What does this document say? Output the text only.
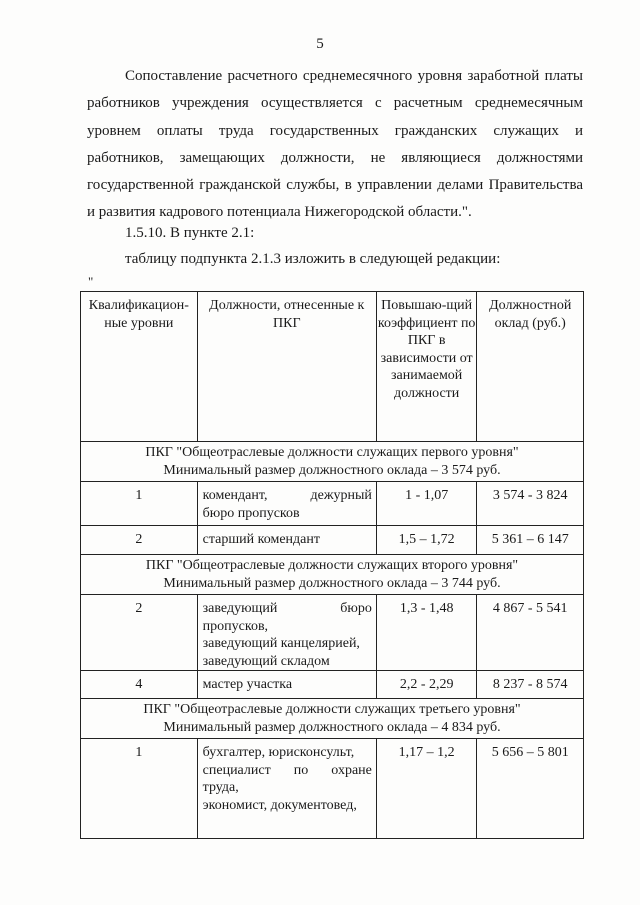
5
Сопоставление расчетного среднемесячного уровня заработной платы
работников учреждения осуществляется с расчетным среднемесячным
уровнем оплаты труда государственных гражданских служащих и
работников, замещающих должности, не являющиеся должностями
государственной гражданской службы, в управлении делами Правительства
и развития кадрового потенциала Нижегородской области.".
1.5.10. В пункте 2.1:
таблицу подпункта 2.1.3 изложить в следующей редакции:
"
Квалификацион-ные уровни	Должности, отнесенные к ПКГ	Повышаю-щий коэффициент по ПКГ в зависимости от занимаемой должности	Должностной оклад (руб.)

ПКГ "Общеотраслевые должности служащих первого уровня"
Минимальный размер должностного оклада – 3 574 руб.			

1	комендант, дежурный
бюро пропусков	1 - 1,07	3 574 - 3 824
2	старший комендант	1,5 – 1,72	5 361 – 6 147

ПКГ "Общеотраслевые должности служащих второго уровня"
Минимальный размер должностного оклада – 3 744 руб.			

2	заведующий бюро
пропусков,
заведующий канцелярией,
заведующий складом	1,3 - 1,48	4 867 - 5 541
4	мастер участка	2,2 - 2,29	8 237 - 8 574

ПКГ "Общеотраслевые должности служащих третьего уровня"
Минимальный размер должностного оклада – 4 834 руб.			

1	бухгалтер, юрисконсульт,
специалист по охране
труда,
экономист, документовед,	1,17 – 1,2	5 656 – 5 801
